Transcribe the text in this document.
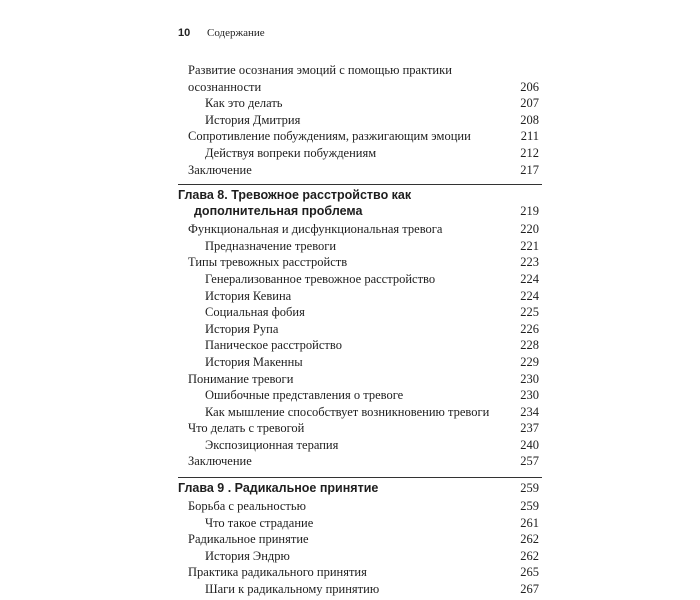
10 Содержание
Развитие осознания эмоций с помощью практики
осознанности	206
Как это делать	207
История Дмитрия	208
Сопротивление побуждениям, разжигающим эмоции	211
Действуя вопреки побуждениям	212
Заключение	217
Глава 8. Тревожное расстройство как
дополнительная проблема	219
Функциональная и дисфункциональная тревога	220
Предназначение тревоги	221
Типы тревожных расстройств	223
Генерализованное тревожное расстройство	224
История Кевина	224
Социальная фобия	225
История Рупа	226
Паническое расстройство	228
История Макенны	229
Понимание тревоги	230
Ошибочные представления о тревоге	230
Как мышление способствует возникновению тревоги	234
Что делать с тревогой	237
Экспозиционная терапия	240
Заключение	257
Глава 9 . Радикальное принятие	259
Борьба с реальностью	259
Что такое страдание	261
Радикальное принятие	262
История Эндрю	262
Практика радикального принятия	265
Шаги к радикальному принятию	267
